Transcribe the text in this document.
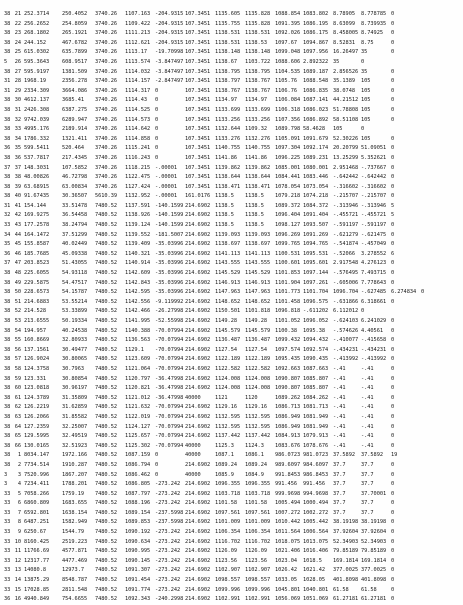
38 21 252.3714	250.4052	3740.26	1107.163 -204.9315 107.3451 1135.605 1135.828 1088.854 1083.802 8.78905	8.778785 0
38 22 256.2652	254.8059	3740.26	1109.422 -204.9315 107.3451 1135.755 1135.828 1091.395 1086.195 8.63099	8.739935 0
38 23 268.1802	265.1921	3740.26	1111.213 -204.9315 107.3451 1138.531 1138.531 1092.026 1086.175 8.458005 8.74925	0
38 24 244.152	467.6782	3740.26	1112.621 -204.9315 107.3451 1138.531 1138.53	1097.67	1094.867 8.52831	8.75	0
38 25 615.0302	635.7899	3740.26	1113.17	-19.70998 107.3451 1138.148 1138.148 1099.048 1097.956 16.26497 35	0
5	26 595.3643	608.9517	3740.26	1113.574 -3.847497 107.3451 1138.67	1103.722 1088.606 2.892322 35	0
38 27 595.9197	1381.509	3740.26	1114.032 -3.847497 107.3451 1138.795 1138.795 1104.535 1089.187 2.856526 35	0
31 28 1968.19	2356.278	3740.26	1114.157 -2.847497 107.3451 1138.797 1138.767 1105.76	1088.548 35.1389	105	0
31 29 2334.309	3664.086	3740.26	1114.317 0	107.3451 1138.767 1138.767 1106.76	1086.835 38.0748	105	0
38 30 4612.137	3685.41	3740.26	1114.43	0	107.3451 1134.97	1134.97	1106.084 1087.141 44.21512 105	0
38 31 2426.308	6387.275	3740.26	1114.525 0	107.3451 1133.699 1133.699 1106.318 1086.023 51.78808 105	0
38 32 9742.039	6289.947	3740.26	1114.573 0	107.3451 1133.256 1133.256 1107.356 1086.892 58.51108 105	0
38 33 4995.176	2189.914	3740.26	1114.642 0	107.3451 1132.644 1109.32	1089.798 58.4628	105	0
38 34 1786.332	1321.411	3740.26	1114.858 0	107.3451 1133.276 1132.276 1105.091 1091.679 52.30226 105	0
36 35 599.5411	520.464	3740.26	1115.241 0	107.3451 1140.755 1140.755 1097.304 1092.174 20.20799 51.09051 0
38 36 537.7817	217.4345	3740.26	1116.243 0	107.3451 1141.86	1141.86	1096.225 1089.231 13.25299 5.352621 0
37 37 148.3031	107.5852	3740.26	1118.215 -.00001	107.3451 1139.862 1139.862 1085.001 1080.001 2.951468 -.737667 0
38 38 48.00826	46.72798	3740.26	1122.475 -.00001	107.3451 1138.644 1138.644 1084.441 1083.446 -.642442 -.642442 0
38 39 63.68915	63.00834	3740.26	1127.424 -.00001	107.3451 1138.471 1138.471 1078.054 1073.054 -.316602 -.316602 0
38 40 91.67435	30.36507	5610.39	1132.952 -.00001	161.0176 1138.5	1138.5	1079.218 1074.218 -.215707 -.215707 0
31 41 154.144	33.51478	7480.52	1137.591 -140.1599 214.6902 1138.5	1138.5	1089.372 1084.372 -.313946 -.313946 5
32 42 169.9275	36.54458	7480.52	1138.926 -140.1599 214.6902 1138.5	1138.5	1096.404 1091.404 -.455721 -.455721 5
33 43 177.2578	38.24794	7480.52	1139.124 -140.1599 214.6902 1138.5	1138.5	1098.127 1093.507 -.591197 -.591197 0
34 44 164.1472	37.51299	7480.52	1139.552 -181.5007 214.6902 1139.093 1139.093 1096.269 1091.269 -.621279 -.621475 0
35 45 155.8587	40.02449	7480.52	1139.409 -35.03996 214.6902 1138.697 1138.697 1099.765 1094.765 -.541874 -.457049 0
36 46 185.7685	45.09338	7480.52	1140.321 -35.03996 214.6902 1141.113 1141.113 1100.531 1095.531 -.52066	3.278552 6
37 47 203.8523	51.43055	7480.52	1140.914 -35.03996 214.6902 1143.555 1143.555 1100.601 1095.601 2.917548 4.276123 0
38 48 225.6055	54.93118	7480.52	1142.609 -35.03996 214.6902 1145.529 1145.529 1101.853 1097.144 -.576495 7.493715 0
38 49 229.5875	54.47517	7480.52	1142.843 -35.03996 214.6902 1146.913 1146.913 1101.904 1097.261 -.605006 7.778643 0
38 50 228.6573	54.15787	7480.52	1142.595 -35.03996 214.6902 1147.963 1147.963 1101.773 1101.704 1096.704 -.627485 6.274834 0
38 51 214.6883	53.55214	7480.52	1142.556 -9.119992 214.6902 1148.652 1148.652 1101.458 1096.575 -.631866 6.318661 0
38 52 214.528	53.33899	7480.52	1142.466 -26.27998 214.6902 1150.501 1101.818 1096.818 -.611202 6.112012 0
38 53 213.6555	50.19334	7480.52	1141.995 -52.55998 214.6902 1149.28	1149.28	1101.052 1096.052 -.624103 6.241029 0
38 54 194.957	40.24538	7480.52	1140.388 -70.07994 214.6902 1145.579 1145.579 1100.38	1095.38	-.574626 4.40561	0
38 55 160.8669	32.80933	7480.52	1136.563 -70.07994 214.6902 1136.487 1136.487 1099.432 1094.432 -.410077 -.415658 0
38 56 137.1561	30.49477	7480.52	1129.1	-70.07994 214.6902 1127.54	1127.54	1097.574 1092.574 -.434231 -.434231 0
38 57 126.9024	30.80065	7480.52	1123.609 -70.07994 214.6902 1122.189 1122.189 1095.435 1090.435 -.413992 -.413992 0
38 58 124.3758	30.7963	7480.52	1121.064 -70.07994 214.6902 1122.582 1122.582 1092.663 1087.663 -.41	-.41	0
38 59 123.331	30.80854	7480.52	1120.797 -36.47998 214.6902 1124.008 1124.008 1090.807 1085.807 -.41	-.41	0
38 60 123.0818	30.96197	7480.52	1120.821 -36.47998 214.6902 1124.008 1124.008 1090.807 1085.807 -.41	-.41	0
38 61 124.3789	31.35809	7480.52	1121.012 -36.47998 40000	1121	1120	1089.262 1084.262 -.41	-.41	0
38 62 126.2219	31.62859	7480.52	1121.632 -70.07994 214.6902 1129.16	1129.16	1086.713 1081.713 -.41	-.41	0
38 63 126.2066	31.85582	7480.52	1122.019 -70.07994 214.6902 1132.595 1132.595 1086.949 1081.949 -.41	-.41	0
38 64 127.2359	32.25007	7480.52	1124.127 -70.07994 214.6902 1132.595 1132.595 1086.949 1081.949 -.41	-.41	0
38 65 129.5995	32.49519	7480.52	1125.657 -70.07994 214.6902 1137.442 1137.442 1084.913 1079.913 -.41	-.41	0
38 66 130.0165	32.51923	7480.52	1125.302 -70.07994 40000	1125.3	1124.3	1083.676 1078.676 -.41	-.41	0
38	1 8034.147	1972.166	7480.52	1087.159 0	40000	1087.1	1086.1	986.0723 981.0723 37.5892	37.5892	19
38	2 7734.514	1910.287	7480.52	1086.794 0	214.6902 1089.24	1089.24	989.6097 984.6097 37.7	37.7	0
3	3 7520.996	1867.207	7480.52	1086.462 0	40000	1085.9	1084.9	991.8453 986.8453 37.7	37.7	0
3	4 7234.411	1788.201	7480.52	1086.805 -273.242 214.6902 1096.355 1096.355 991.456	991.456	37.7	37.7	0
33	5 7058.266	1759.19	7480.52	1087.797 -273.242 214.6902 1103.718 1103.718 999.9698 994.9698 37.7	37.70001 0
33	6 6860.809	1683.655	7480.52	1088.196 -273.242 214.6902 1101.58	1101.58	1005.494 1000.494 37.7	37.7	0
33	7 6592.801	1638.154	7480.52	1089.154 -237.5998 214.6902 1097.561 1097.561 1007.272 1002.272 37.7	37.7	0
33	8 6487.251	1582.949	7480.52	1089.853 -237.5998 214.6902 1101.009 1101.009 1010.442 1005.442 38.19198 38.19198 0
33	9 6250.67	1544.79	7480.52	1090.192 -273.242 214.6902 1106.354 1106.354 1011.564 1006.564 37.92604 37.92604 0
33 10 8160.425	2519.223	7480.52	1090.634 -273.242 214.6902 1116.702 1116.702 1018.075 1013.075 52.34903 52.34903 0
33 11 11766.69	4577.871	7480.52	1090.995 -273.242 214.6902 1126.09	1126.09	1021.406 1016.406 79.85189 79.85189 0
33 12 12317.77	4477.469	7480.52	1090.145 -273.242 214.6902 1123.56	1123.56	1023.04	1018.5	169.1814 169.1814 0
33 13 14080.8	12973.7	7480.52	1091.307 -273.242 214.6902 1102.907 1102.907 1026.42	1021.42	377.0025 377.0025 0
33 14 13875.29	8548.787	7480.52	1091.454 -273.242 214.6902 1098.557 1098.557 1033.05	1028.05	401.8098 401.8098 0
33 15 17028.85	2811.548	7480.52	1091.774 -273.242 214.6902 1099.996 1099.996 1045.801 1040.801 61.58	61.58	0
36 16 4940.849	754.6655	7480.52	1092.343 -240.2998 214.6902 1102.991 1102.991 1056.069 1051.069 61.27181 61.27181 0
